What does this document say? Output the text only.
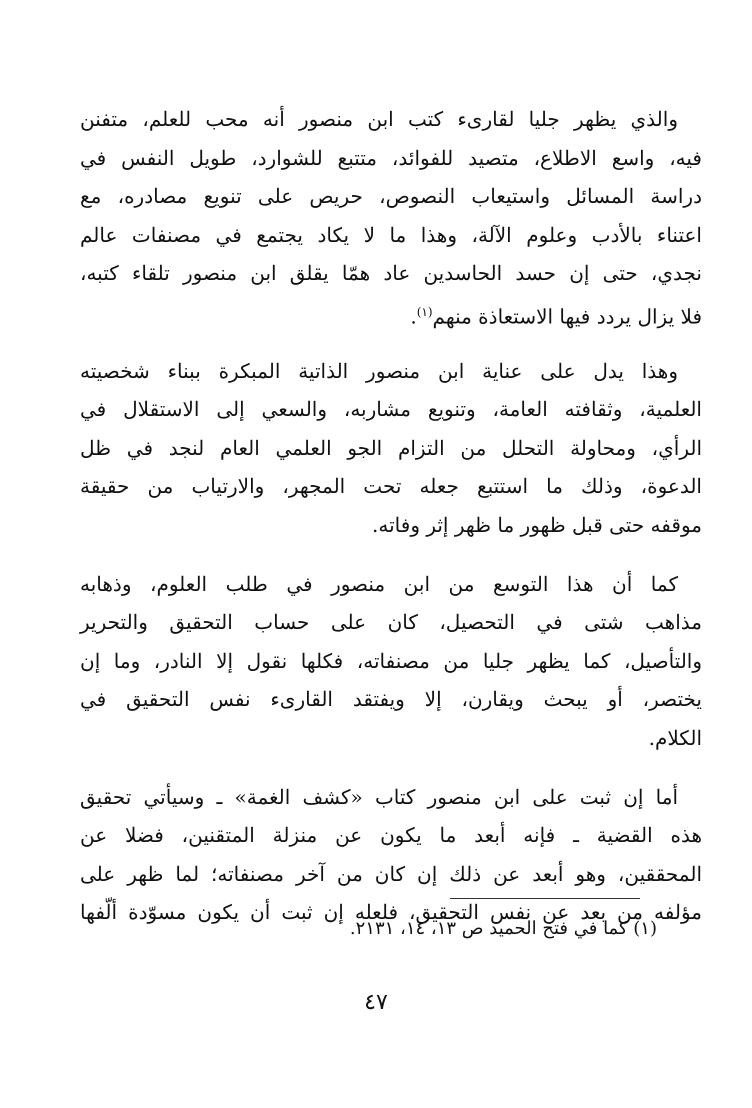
والذي يظهر جليا لقارىء كتب ابن منصور أنه محب للعلم، متفنن
فيه، واسع الاطلاع، متصيد للفوائد، متتبع للشوارد، طويل النفس في
دراسة المسائل واستيعاب النصوص، حريص على تنويع مصادره، مع
اعتناء بالأدب وعلوم الآلة، وهذا ما لا يكاد يجتمع في مصنفات عالم
نجدي، حتى إن حسد الحاسدين عاد همّا يقلق ابن منصور تلقاء كتبه،
فلا يزال يردد فيها الاستعاذة منهم$^{(١)}$.

وهذا يدل على عناية ابن منصور الذاتية المبكرة ببناء شخصيته
العلمية، وثقافته العامة، وتنويع مشاربه، والسعي إلى الاستقلال في
الرأي، ومحاولة التحلل من التزام الجو العلمي العام لنجد في ظل
الدعوة، وذلك ما استتبع جعله تحت المجهر، والارتياب من حقيقة
موقفه حتى قبل ظهور ما ظهر إثر وفاته.

كما أن هذا التوسع من ابن منصور في طلب العلوم، وذهابه
مذاهب شتى في التحصيل، كان على حساب التحقيق والتحرير
والتأصيل، كما يظهر جليا من مصنفاته، فكلها نقول إلا النادر، وما إن
يختصر، أو يبحث ويقارن، إلا ويفتقد القارىء نفس التحقيق في
الكلام.

أما إن ثبت على ابن منصور كتاب «كشف الغمة» ـ وسيأتي تحقيق
هذه القضية ـ فإنه أبعد ما يكون عن منزلة المتقنين، فضلا عن
المحققين، وهو أبعد عن ذلك إن كان من آخر مصنفاته؛ لما ظهر على
مؤلفه من بعد عن نفس التحقيق، فلعله إن ثبت أن يكون مسوّدة ألّفها

(١) كما في فتح الحميد ص ١٣، ١٤، ٢١٣١.
٤٧
